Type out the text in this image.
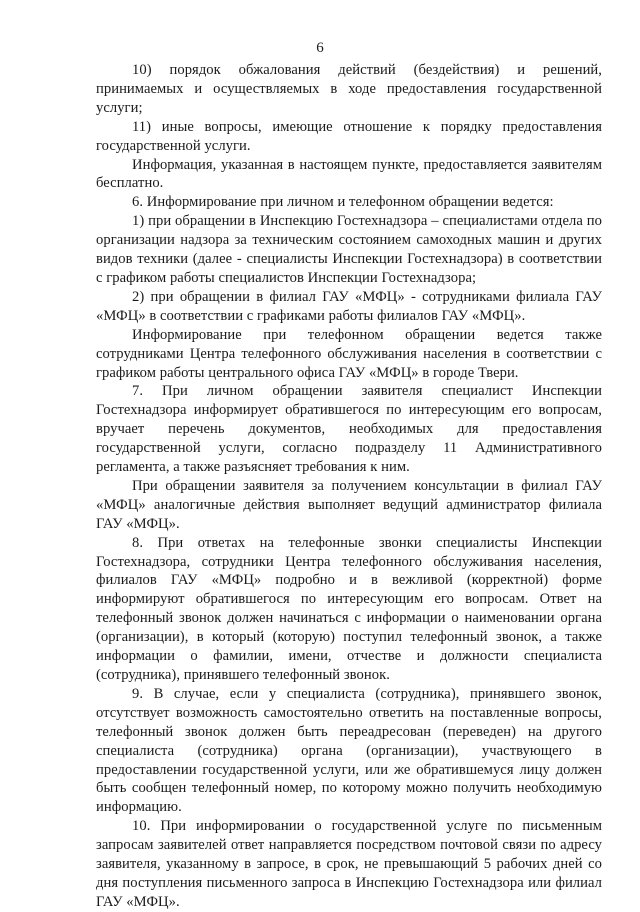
6

10) порядок обжалования действий (бездействия) и решений, принимаемых и осуществляемых в ходе предоставления государственной услуги;

11) иные вопросы, имеющие отношение к порядку предоставления государственной услуги.

Информация, указанная в настоящем пункте, предоставляется заявителям бесплатно.

6. Информирование при личном и телефонном обращении ведется:

1) при обращении в Инспекцию Гостехнадзора – специалистами отдела по организации надзора за техническим состоянием самоходных машин и других видов техники (далее - специалисты Инспекции Гостехнадзора) в соответствии с графиком работы специалистов Инспекции Гостехнадзора;

2) при обращении в филиал ГАУ «МФЦ» - сотрудниками филиала ГАУ «МФЦ» в соответствии с графиками работы филиалов ГАУ «МФЦ».

Информирование при телефонном обращении ведется также сотрудниками Центра телефонного обслуживания населения в соответствии с графиком работы центрального офиса ГАУ «МФЦ» в городе Твери.

7. При личном обращении заявителя специалист Инспекции Гостехнадзора информирует обратившегося по интересующим его вопросам, вручает перечень документов, необходимых для предоставления государственной услуги, согласно подразделу 11 Административного регламента, а также разъясняет требования к ним.

При обращении заявителя за получением консультации в филиал ГАУ «МФЦ» аналогичные действия выполняет ведущий администратор филиала ГАУ «МФЦ».

8. При ответах на телефонные звонки специалисты Инспекции Гостехнадзора, сотрудники Центра телефонного обслуживания населения, филиалов ГАУ «МФЦ» подробно и в вежливой (корректной) форме информируют обратившегося по интересующим его вопросам. Ответ на телефонный звонок должен начинаться с информации о наименовании органа (организации), в который (которую) поступил телефонный звонок, а также информации о фамилии, имени, отчестве и должности специалиста (сотрудника), принявшего телефонный звонок.

9. В случае, если у специалиста (сотрудника), принявшего звонок, отсутствует возможность самостоятельно ответить на поставленные вопросы, телефонный звонок должен быть переадресован (переведен) на другого специалиста (сотрудника) органа (организации), участвующего в предоставлении государственной услуги, или же обратившемуся лицу должен быть сообщен телефонный номер, по которому можно получить необходимую информацию.

10. При информировании о государственной услуге по письменным запросам заявителей ответ направляется посредством почтовой связи по адресу заявителя, указанному в запросе, в срок, не превышающий 5 рабочих дней со дня поступления письменного запроса в Инспекцию Гостехнадзора или филиал ГАУ «МФЦ».
